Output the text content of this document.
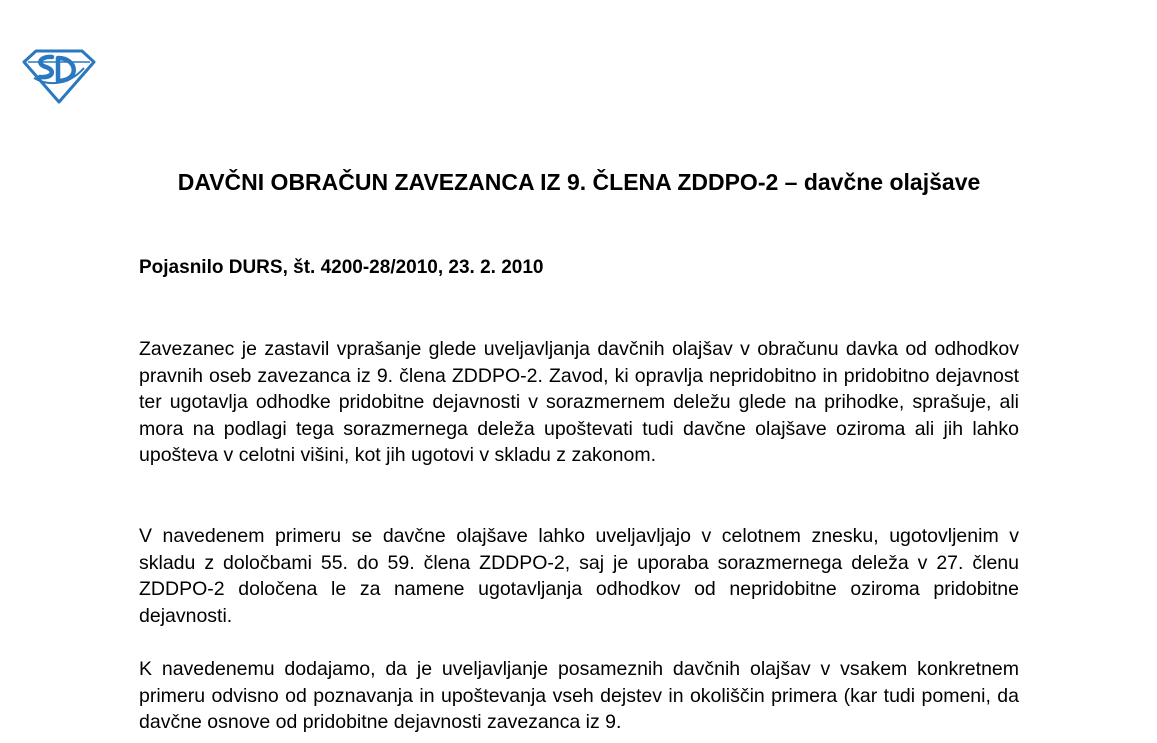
DAVČNI OBRAČUN ZAVEZANCA IZ 9. ČLENA ZDDPO-2 – davčne olajšave

Pojasnilo DURS, št. 4200-28/2010, 23. 2. 2010

Zavezanec je zastavil vprašanje glede uveljavljanja davčnih olajšav v obračunu davka od odhodkov pravnih oseb zavezanca iz 9. člena ZDDPO-2. Zavod, ki opravlja nepridobitno in pridobitno dejavnost ter ugotavlja odhodke pridobitne dejavnosti v sorazmernem deležu glede na prihodke, sprašuje, ali mora na podlagi tega sorazmernega deleža upoštevati tudi davčne olajšave oziroma ali jih lahko upošteva v celotni višini, kot jih ugotovi v skladu z zakonom.

V navedenem primeru se davčne olajšave lahko uveljavljajo v celotnem znesku, ugotovljenim v skladu z določbami 55. do 59. člena ZDDPO-2, saj je uporaba sorazmernega deleža v 27. členu ZDDPO-2 določena le za namene ugotavljanja odhodkov od nepridobitne oziroma pridobitne dejavnosti.

K navedenemu dodajamo, da je uveljavljanje posameznih davčnih olajšav v vsakem konkretnem primeru odvisno od poznavanja in upoštevanja vseh dejstev in okoliščin primera (kar tudi pomeni, da davčne osnove od pridobitne dejavnosti zavezanca iz 9.
